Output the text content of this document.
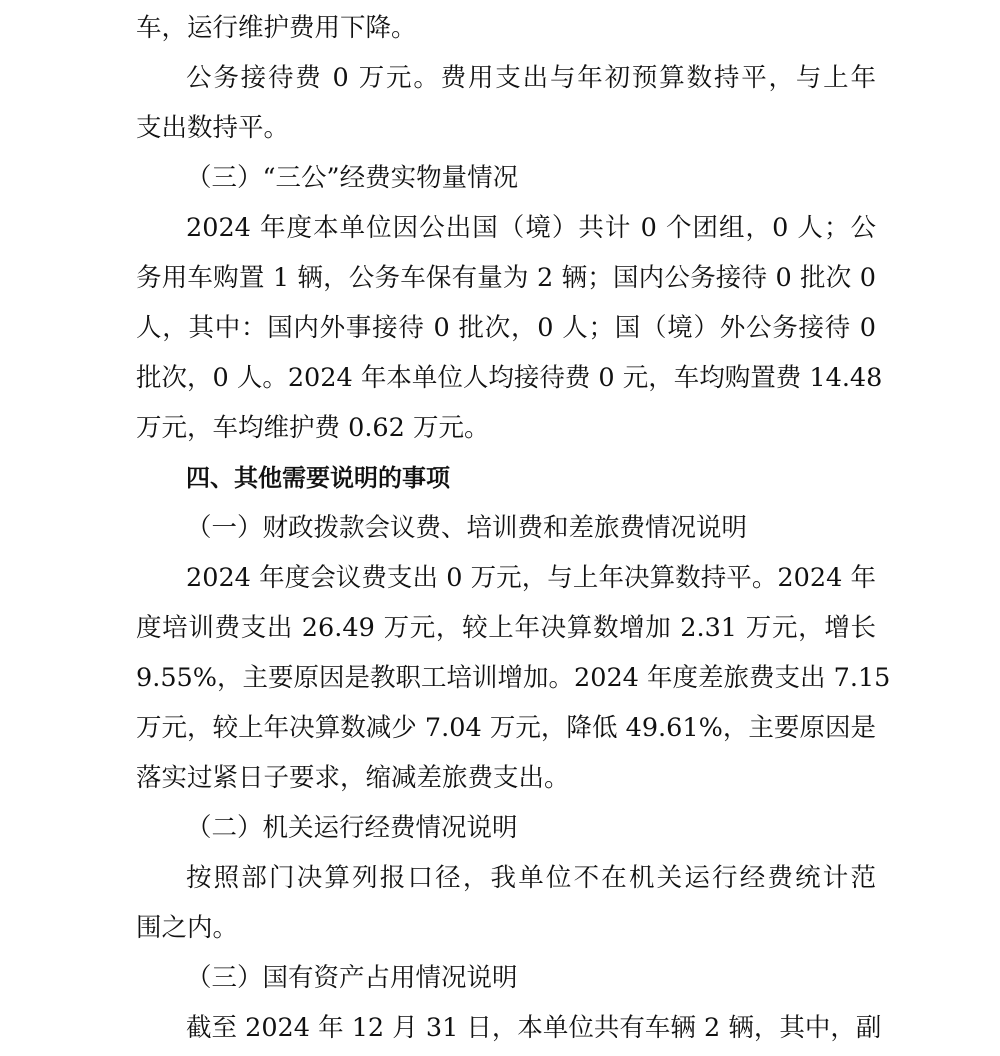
车，运行维护费用下降。
公务接待费 0 万元。费用支出与年初预算数持平，与上年
支出数持平。
（三）“三公”经费实物量情况
2024 年度本单位因公出国（境）共计 0 个团组，0 人；公
务用车购置 1 辆，公务车保有量为 2 辆；国内公务接待 0 批次 0
人，其中：国内外事接待 0 批次，0 人；国（境）外公务接待 0
批次，0 人。2024 年本单位人均接待费 0 元，车均购置费 14.48
万元，车均维护费 0.62 万元。
四、其他需要说明的事项
（一）财政拨款会议费、培训费和差旅费情况说明
2024 年度会议费支出 0 万元，与上年决算数持平。2024 年
度培训费支出 26.49 万元，较上年决算数增加 2.31 万元，增长
9.55%，主要原因是教职工培训增加。2024 年度差旅费支出 7.15
万元，较上年决算数减少 7.04 万元，降低 49.61%，主要原因是
落实过紧日子要求，缩减差旅费支出。
（二）机关运行经费情况说明
按照部门决算列报口径，我单位不在机关运行经费统计范
围之内。
（三）国有资产占用情况说明
截至 2024 年 12 月 31 日，本单位共有车辆 2 辆，其中，副
